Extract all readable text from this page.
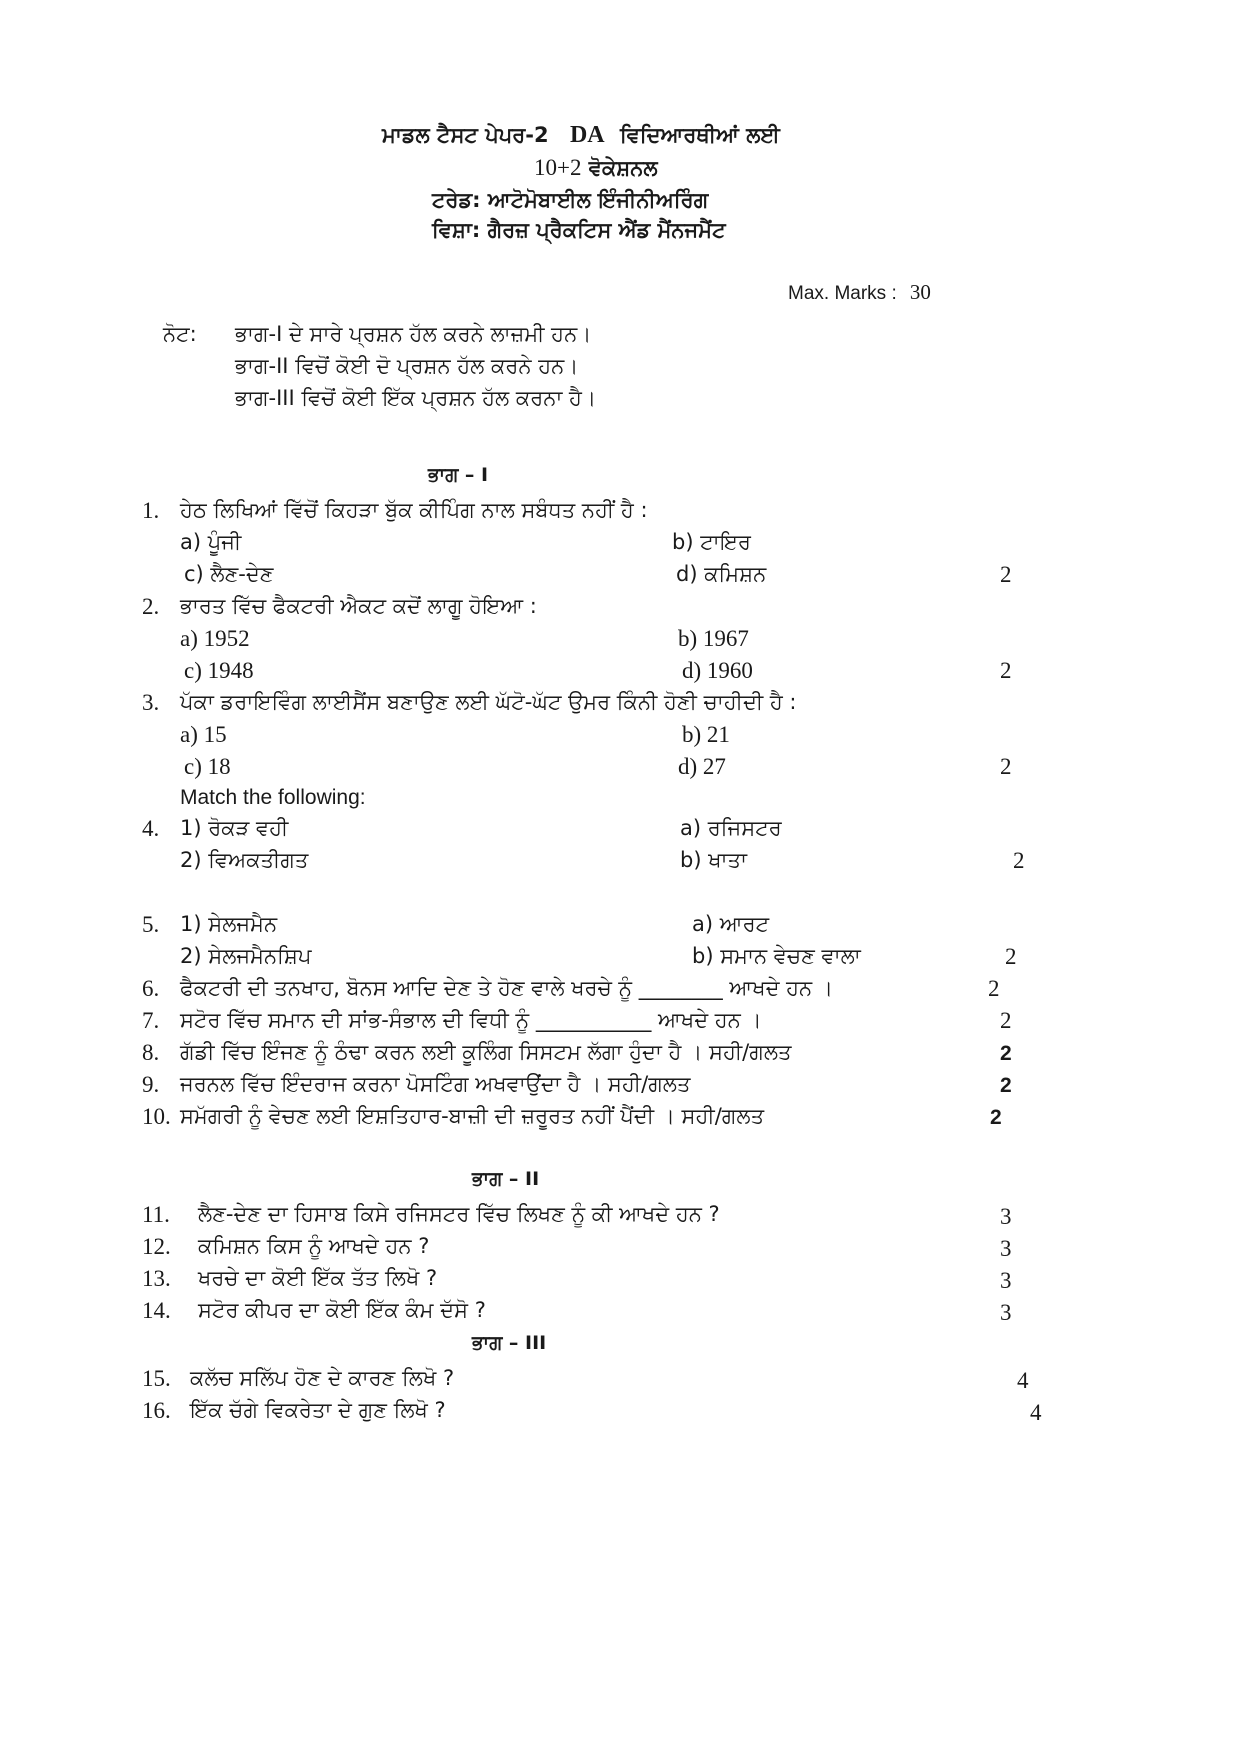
ਮਾਡਲ ਟੈਸਟ ਪੇਪਰ-2 DA ਵਿਦਿਆਰਥੀਆਂ ਲਈ
10+2 ਵੋਕੇਸ਼ਨਲ
ਟਰੇਡ: ਆਟੋਮੋਬਾਈਲ ਇੰਜੀਨੀਅਰਿੰਗ
ਵਿਸ਼ਾ: ਗੈਰਜ਼ ਪ੍ਰੈਕਟਿਸ ਐਂਡ ਮੈਂਨਜਮੈਂਟ
Max. Marks : 30
ਨੋਟ: ਭਾਗ-I ਦੇ ਸਾਰੇ ਪ੍ਰਸ਼ਨ ਹੱਲ ਕਰਨੇ ਲਾਜ਼ਮੀ ਹਨ।
ਭਾਗ-II ਵਿਚੋਂ ਕੋਈ ਦੋ ਪ੍ਰਸ਼ਨ ਹੱਲ ਕਰਨੇ ਹਨ।
ਭਾਗ-III ਵਿਚੋਂ ਕੋਈ ਇੱਕ ਪ੍ਰਸ਼ਨ ਹੱਲ ਕਰਨਾ ਹੈ।
ਭਾਗ – I
1. ਹੇਠ ਲਿਖਿਆਂ ਵਿੱਚੋਂ ਕਿਹੜਾ ਬੁੱਕ ਕੀਪਿੰਗ ਨਾਲ ਸਬੰਧਤ ਨਹੀਂ ਹੈ :
a) ਪੂੰਜੀ	b) ਟਾਇਰ
c) ਲੈਣ-ਦੇਣ	d) ਕਮਿਸ਼ਨ	2
2. ਭਾਰਤ ਵਿੱਚ ਫੈਕਟਰੀ ਐਕਟ ਕਦੋਂ ਲਾਗੂ ਹੋਇਆ :
a) 1952	b) 1967
c) 1948	d) 1960	2
3. ਪੱਕਾ ਡਰਾਇਵਿੰਗ ਲਾਈਸੈਂਸ ਬਣਾਉਣ ਲਈ ਘੱਟੋ-ਘੱਟ ਉਮਰ ਕਿੰਨੀ ਹੋਣੀ ਚਾਹੀਦੀ ਹੈ :
a) 15	b) 21
c) 18	d) 27	2
Match the following:
4. 1) ਰੋਕੜ ਵਹੀ	a) ਰਜਿਸਟਰ
2) ਵਿਅਕਤੀਗਤ	b) ਖਾਤਾ	2
5. 1) ਸੇਲਜਮੈਨ	a) ਆਰਟ
2) ਸੇਲਜਮੈਨਸ਼ਿਪ	b) ਸਮਾਨ ਵੇਚਣ ਵਾਲਾ	2
6. ਫੈਕਟਰੀ ਦੀ ਤਨਖਾਹ, ਬੋਨਸ ਆਦਿ ਦੇਣ ਤੇ ਹੋਣ ਵਾਲੇ ਖਰਚੇ ਨੂੰ ________ ਆਖਦੇ ਹਨ ।	2
7. ਸਟੋਰ ਵਿੱਚ ਸਮਾਨ ਦੀ ਸਾਂਭ-ਸੰਭਾਲ ਦੀ ਵਿਧੀ ਨੂੰ ___________ ਆਖਦੇ ਹਨ ।	2
8. ਗੱਡੀ ਵਿੱਚ ਇੰਜਣ ਨੂੰ ਠੰਢਾ ਕਰਨ ਲਈ ਕੂਲਿੰਗ ਸਿਸਟਮ ਲੱਗਾ ਹੁੰਦਾ ਹੈ । ਸਹੀ/ਗਲਤ	2
9. ਜਰਨਲ ਵਿੱਚ ਇੰਦਰਾਜ ਕਰਨਾ ਪੋਸਟਿੰਗ ਅਖਵਾਉਂਦਾ ਹੈ । ਸਹੀ/ਗਲਤ	2
10. ਸਮੱਗਰੀ ਨੂੰ ਵੇਚਣ ਲਈ ਇਸ਼ਤਿਹਾਰ-ਬਾਜ਼ੀ ਦੀ ਜ਼ਰੂਰਤ ਨਹੀਂ ਪੈਂਦੀ । ਸਹੀ/ਗਲਤ	2
ਭਾਗ – II
11. ਲੈਣ-ਦੇਣ ਦਾ ਹਿਸਾਬ ਕਿਸੇ ਰਜਿਸਟਰ ਵਿੱਚ ਲਿਖਣ ਨੂੰ ਕੀ ਆਖਦੇ ਹਨ ?	3
12. ਕਮਿਸ਼ਨ ਕਿਸ ਨੂੰ ਆਖਦੇ ਹਨ ?	3
13. ਖਰਚੇ ਦਾ ਕੋਈ ਇੱਕ ਤੱਤ ਲਿਖੋ ?	3
14. ਸਟੋਰ ਕੀਪਰ ਦਾ ਕੋਈ ਇੱਕ ਕੰਮ ਦੱਸੋ ?	3
ਭਾਗ – III
15. ਕਲੱਚ ਸਲਿੱਪ ਹੋਣ ਦੇ ਕਾਰਣ ਲਿਖੋ ?	4
16. ਇੱਕ ਚੱਗੇ ਵਿਕਰੇਤਾ ਦੇ ਗੁਣ ਲਿਖੋ ?	4
